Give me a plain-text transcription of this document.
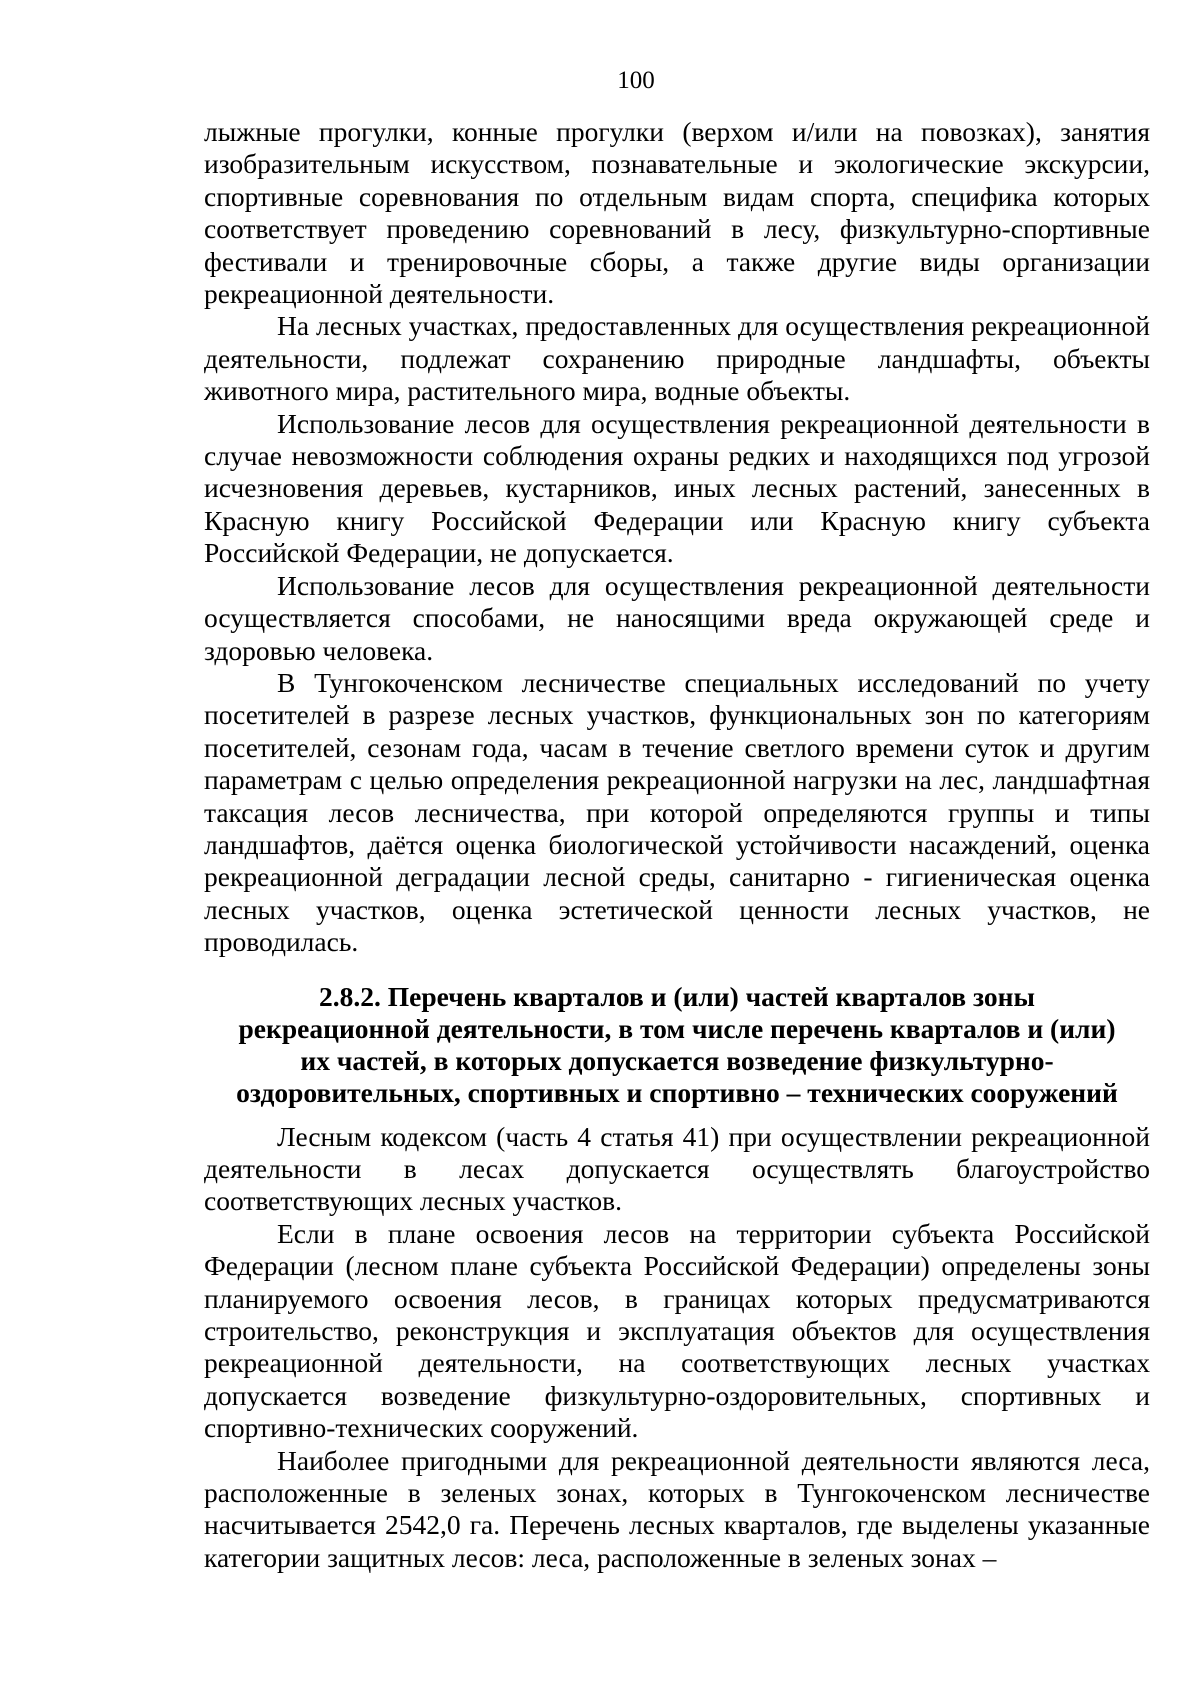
100

лыжные прогулки, конные прогулки (верхом и/или на повозках), занятия изобразительным искусством, познавательные и экологические экскурсии, спортивные соревнования по отдельным видам спорта, специфика которых соответствует проведению соревнований в лесу, физкультурно-спортивные фестивали и тренировочные сборы, а также другие виды организации рекреационной деятельности.

На лесных участках, предоставленных для осуществления рекреационной деятельности, подлежат сохранению природные ландшафты, объекты животного мира, растительного мира, водные объекты.

Использование лесов для осуществления рекреационной деятельности в случае невозможности соблюдения охраны редких и находящихся под угрозой исчезновения деревьев, кустарников, иных лесных растений, занесенных в Красную книгу Российской Федерации или Красную книгу субъекта Российской Федерации, не допускается.

Использование лесов для осуществления рекреационной деятельности осуществляется способами, не наносящими вреда окружающей среде и здоровью человека.

В Тунгокоченском лесничестве специальных исследований по учету посетителей в разрезе лесных участков, функциональных зон по категориям посетителей, сезонам года, часам в течение светлого времени суток и другим параметрам с целью определения рекреационной нагрузки на лес, ландшафтная таксация лесов лесничества, при которой определяются группы и типы ландшафтов, даётся оценка биологической устойчивости насаждений, оценка рекреационной деградации лесной среды, санитарно - гигиеническая оценка лесных участков, оценка эстетической ценности лесных участков, не проводилась.

2.8.2. Перечень кварталов и (или) частей кварталов зоны рекреационной деятельности, в том числе перечень кварталов и (или) их частей, в которых допускается возведение физкультурно-оздоровительных, спортивных и спортивно – технических сооружений

Лесным кодексом (часть 4 статья 41) при осуществлении рекреационной деятельности в лесах допускается осуществлять благоустройство соответствующих лесных участков.

Если в плане освоения лесов на территории субъекта Российской Федерации (лесном плане субъекта Российской Федерации) определены зоны планируемого освоения лесов, в границах которых предусматриваются строительство, реконструкция и эксплуатация объектов для осуществления рекреационной деятельности, на соответствующих лесных участках допускается возведение физкультурно-оздоровительных, спортивных и спортивно-технических сооружений.

Наиболее пригодными для рекреационной деятельности являются леса, расположенные в зеленых зонах, которых в Тунгокоченском лесничестве насчитывается 2542,0 га. Перечень лесных кварталов, где выделены указанные категории защитных лесов: леса, расположенные в зеленых зонах –
